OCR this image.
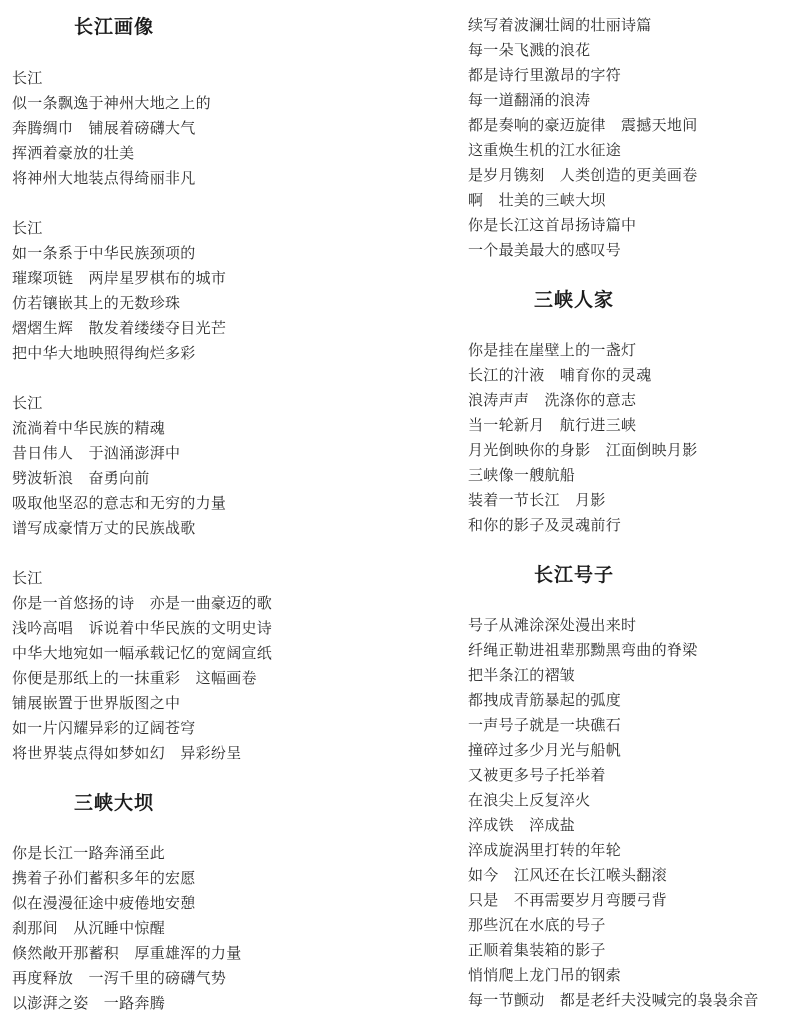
长江画像
长江
似一条飘逸于神州大地之上的
奔腾绸巾　铺展着磅礴大气
挥洒着豪放的壮美
将神州大地装点得绮丽非凡
长江
如一条系于中华民族颈项的
璀璨项链　两岸星罗棋布的城市
仿若镶嵌其上的无数珍珠
熠熠生辉　散发着缕缕夺目光芒
把中华大地映照得绚烂多彩
长江
流淌着中华民族的精魂
昔日伟人　于汹涌澎湃中
劈波斩浪　奋勇向前
吸取他坚忍的意志和无穷的力量
谱写成豪情万丈的民族战歌
长江
你是一首悠扬的诗　亦是一曲豪迈的歌
浅吟高唱　诉说着中华民族的文明史诗
中华大地宛如一幅承载记忆的宽阔宣纸
你便是那纸上的一抹重彩　这幅画卷
铺展嵌置于世界版图之中
如一片闪耀异彩的辽阔苍穹
将世界装点得如梦如幻　异彩纷呈
三峡大坝
你是长江一路奔涌至此
携着子孙们蓄积多年的宏愿
似在漫漫征途中疲倦地安憩
刹那间　从沉睡中惊醒
倏然敞开那蓄积　厚重雄浑的力量
再度释放　一泻千里的磅礴气势
以澎湃之姿　一路奔腾
续写着波澜壮阔的壮丽诗篇
每一朵飞溅的浪花
都是诗行里激昂的字符
每一道翻涌的浪涛
都是奏响的豪迈旋律　震撼天地间
这重焕生机的江水征途
是岁月镌刻　人类创造的更美画卷
啊　壮美的三峡大坝
你是长江这首昂扬诗篇中
一个最美最大的感叹号
三峡人家
你是挂在崖壁上的一盏灯
长江的汁液　哺育你的灵魂
浪涛声声　洗涤你的意志
当一轮新月　航行进三峡
月光倒映你的身影　江面倒映月影
三峡像一艘航船
装着一节长江　月影
和你的影子及灵魂前行
长江号子
号子从滩涂深处漫出来时
纤绳正勒进祖辈那黝黑弯曲的脊梁
把半条江的褶皱
都拽成青筋暴起的弧度
一声号子就是一块礁石
撞碎过多少月光与船帆
又被更多号子托举着
在浪尖上反复淬火
淬成铁　淬成盐
淬成旋涡里打转的年轮
如今　江风还在长江喉头翻滚
只是　不再需要岁月弯腰弓背
那些沉在水底的号子
正顺着集装箱的影子
悄悄爬上龙门吊的钢索
每一节颤动　都是老纤夫没喊完的袅袅余音
